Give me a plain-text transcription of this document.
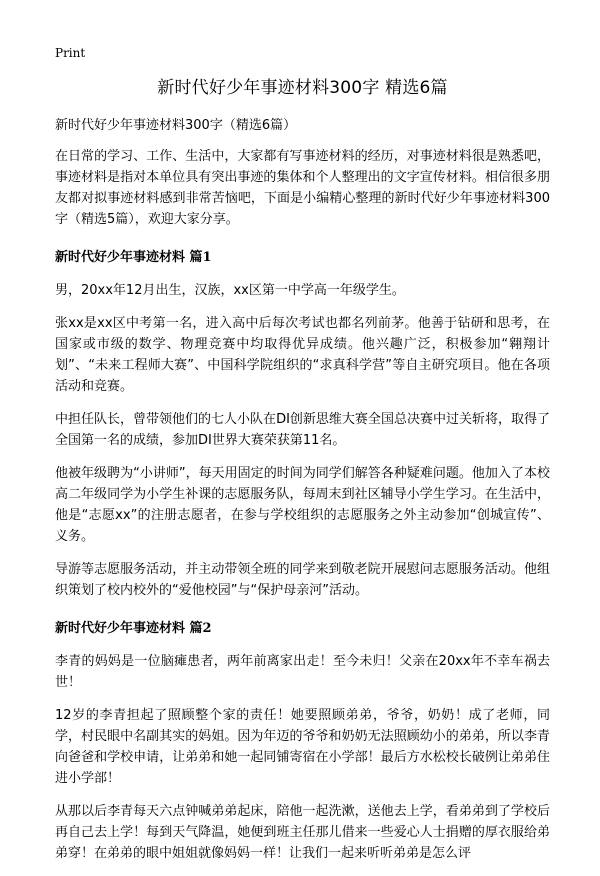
Print
新时代好少年事迹材料300字 精选6篇
新时代好少年事迹材料300字（精选6篇）

在日常的学习、工作、生活中，大家都有写事迹材料的经历，对事迹材料很是熟悉吧，事迹材料是指对本单位具有突出事迹的集体和个人整理出的文字宣传材料。相信很多朋友都对拟事迹材料感到非常苦恼吧，下面是小编精心整理的新时代好少年事迹材料300字（精选5篇），欢迎大家分享。

新时代好少年事迹材料 篇1

男，20xx年12月出生，汉族，xx区第一中学高一年级学生。

张xx是xx区中考第一名，进入高中后每次考试也都名列前茅。他善于钻研和思考，在国家或市级的数学、物理竞赛中均取得优异成绩。他兴趣广泛，积极参加“翱翔计划”、“未来工程师大赛”、中国科学院组织的“求真科学营”等自主研究项目。他在各项活动和竞赛。

中担任队长，曾带领他们的七人小队在DI创新思维大赛全国总决赛中过关斩将，取得了全国第一名的成绩，参加DI世界大赛荣获第11名。

他被年级聘为“小讲师”，每天用固定的时间为同学们解答各种疑难问题。他加入了本校高二年级同学为小学生补课的志愿服务队，每周末到社区辅导小学生学习。在生活中，他是“志愿xx”的注册志愿者，在参与学校组织的志愿服务之外主动参加“创城宣传”、义务。

导游等志愿服务活动，并主动带领全班的同学来到敬老院开展慰问志愿服务活动。他组织策划了校内校外的“爱他校园”与“保护母亲河”活动。

新时代好少年事迹材料 篇2

李青的妈妈是一位脑瘫患者，两年前离家出走！至今未归！父亲在20xx年不幸车祸去世！

12岁的李青担起了照顾整个家的责任！她要照顾弟弟，爷爷，奶奶！成了老师，同学，村民眼中名副其实的妈姐。因为年迈的爷爷和奶奶无法照顾幼小的弟弟，所以李青向爸爸和学校申请，让弟弟和她一起同铺寄宿在小学部！最后方水松校长破例让弟弟住进小学部！

从那以后李青每天六点钟喊弟弟起床，陪他一起洗漱，送他去上学，看弟弟到了学校后再自己去上学！每到天气降温，她便到班主任那儿借来一些爱心人士捐赠的厚衣服给弟弟穿！在弟弟的眼中姐姐就像妈妈一样！让我们一起来听听弟弟是怎么评
